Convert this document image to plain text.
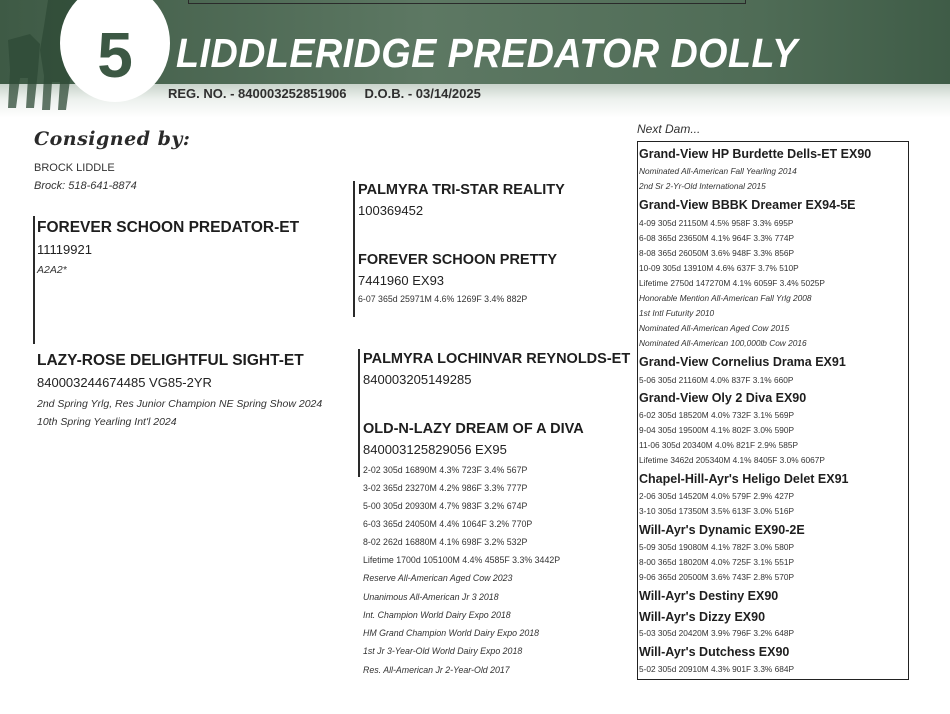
5	LIDDLERIDGE PREDATOR DOLLY
REG. NO. - 840003252851906 D.O.B. - 03/14/2025
Consigned by:
BROCK LIDDLE
Brock: 518-641-8874
FOREVER SCHOON PREDATOR-ET
11119921
A2A2*
PALMYRA TRI-STAR REALITY
100369452
FOREVER SCHOON PRETTY
7441960 EX93
6-07 365d 25971M 4.6% 1269F 3.4% 882P
LAZY-ROSE DELIGHTFUL SIGHT-ET
840003244674485 VG85-2YR
2nd Spring Yrlg, Res Junior Champion NE Spring Show 2024
10th Spring Yearling Int'l 2024
PALMYRA LOCHINVAR REYNOLDS-ET
840003205149285
OLD-N-LAZY DREAM OF A DIVA
840003125829056 EX95
2-02 305d 16890M 4.3% 723F 3.4% 567P
3-02 365d 23270M 4.2% 986F 3.3% 777P
5-00 305d 20930M 4.7% 983F 3.2% 674P
6-03 365d 24050M 4.4% 1064F 3.2% 770P
8-02 262d 16880M 4.1% 698F 3.2% 532P
Lifetime 1700d 105100M 4.4% 4585F 3.3% 3442P
Reserve All-American Aged Cow 2023
Unanimous All-American Jr 3 2018
Int. Champion World Dairy Expo 2018
HM Grand Champion World Dairy Expo 2018
1st Jr 3-Year-Old World Dairy Expo 2018
Res. All-American Jr 2-Year-Old 2017
Next Dam...
Grand-View HP Burdette Dells-ET EX90
Nominated All-American Fall Yearling 2014
2nd Sr 2-Yr-Old International 2015
Grand-View BBBK Dreamer EX94-5E
4-09 305d 21150M 4.5% 958F 3.3% 695P
6-08 365d 23650M 4.1% 964F 3.3% 774P
8-08 365d 26050M 3.6% 948F 3.3% 856P
10-09 305d 13910M 4.6% 637F 3.7% 510P
Lifetime 2750d 147270M 4.1% 6059F 3.4% 5025P
Honorable Mention All-American Fall Yrlg 2008
1st Intl Futurity 2010
Nominated All-American Aged Cow 2015
Nominated All-American 100,000lb Cow 2016
Grand-View Cornelius Drama EX91
5-06 305d 21160M 4.0% 837F 3.1% 660P
Grand-View Oly 2 Diva EX90
6-02 305d 18520M 4.0% 732F 3.1% 569P
9-04 305d 19500M 4.1% 802F 3.0% 590P
11-06 305d 20340M 4.0% 821F 2.9% 585P
Lifetime 3462d 205340M 4.1% 8405F 3.0% 6067P
Chapel-Hill-Ayr's Heligo Delet EX91
2-06 305d 14520M 4.0% 579F 2.9% 427P
3-10 305d 17350M 3.5% 613F 3.0% 516P
Will-Ayr's Dynamic EX90-2E
5-09 305d 19080M 4.1% 782F 3.0% 580P
8-00 365d 18020M 4.0% 725F 3.1% 551P
9-06 365d 20500M 3.6% 743F 2.8% 570P
Will-Ayr's Destiny EX90
Will-Ayr's Dizzy EX90
5-03 305d 20420M 3.9% 796F 3.2% 648P
Will-Ayr's Dutchess EX90
5-02 305d 20910M 4.3% 901F 3.3% 684P
